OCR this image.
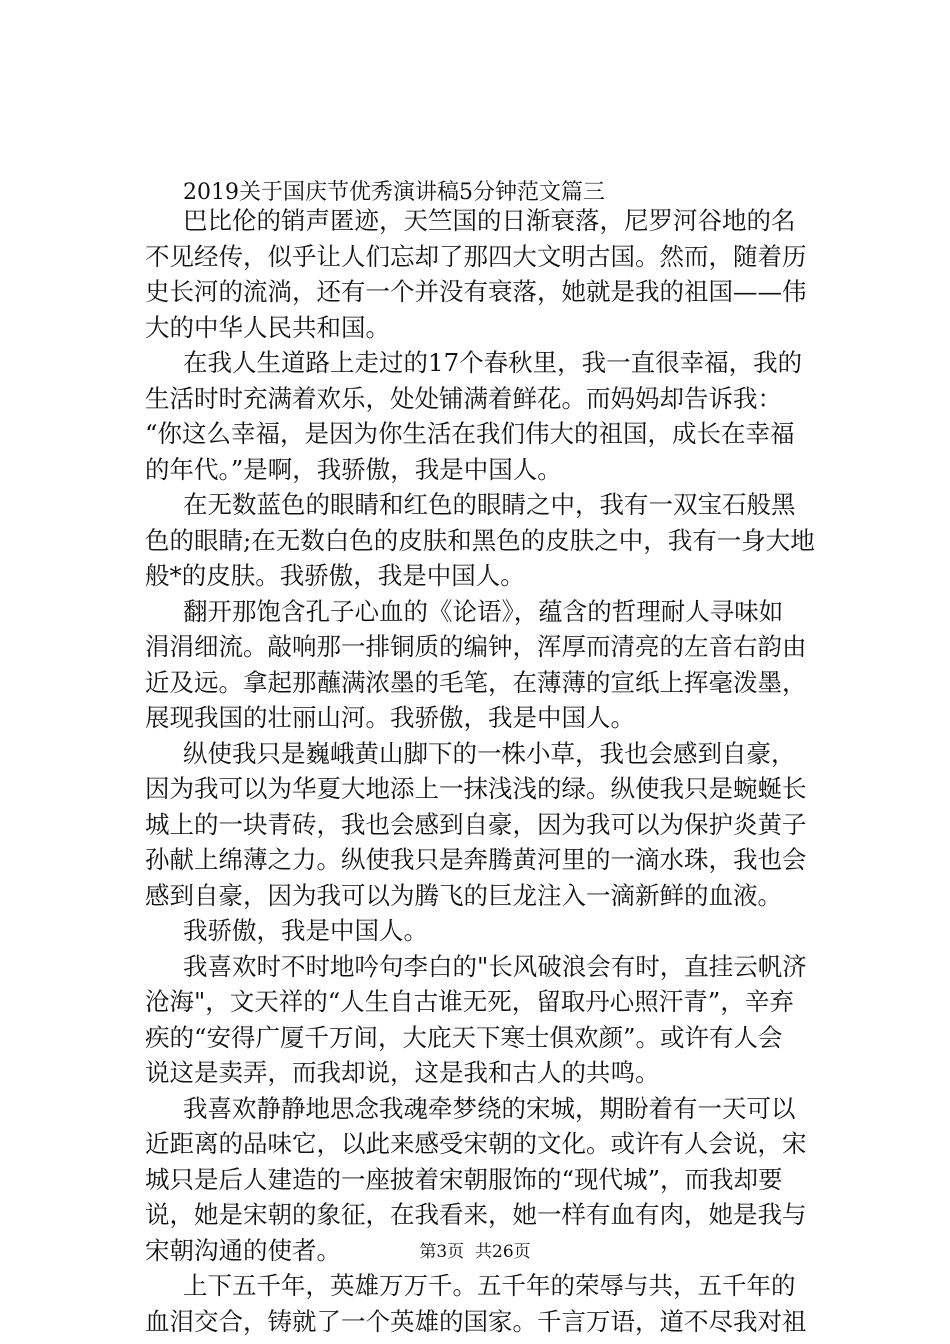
2019关于国庆节优秀演讲稿5分钟范文篇三
巴比伦的销声匿迹，天竺国的日渐衰落，尼罗河谷地的名
不见经传，似乎让人们忘却了那四大文明古国。然而，随着历
史长河的流淌，还有一个并没有衰落，她就是我的祖国——伟
大的中华人民共和国。
在我人生道路上走过的17个春秋里，我一直很幸福，我的
生活时时充满着欢乐，处处铺满着鲜花。而妈妈却告诉我：
“你这么幸福，是因为你生活在我们伟大的祖国，成长在幸福
的年代。”是啊，我骄傲，我是中国人。
在无数蓝色的眼睛和红色的眼睛之中，我有一双宝石般黑
色的眼睛;在无数白色的皮肤和黑色的皮肤之中，我有一身大地
般*的皮肤。我骄傲，我是中国人。
翻开那饱含孔子心血的《论语》，蕴含的哲理耐人寻味如
涓涓细流。敲响那一排铜质的编钟，浑厚而清亮的左音右韵由
近及远。拿起那蘸满浓墨的毛笔，在薄薄的宣纸上挥毫泼墨，
展现我国的壮丽山河。我骄傲，我是中国人。
纵使我只是巍峨黄山脚下的一株小草，我也会感到自豪，
因为我可以为华夏大地添上一抹浅浅的绿。纵使我只是蜿蜒长
城上的一块青砖，我也会感到自豪，因为我可以为保护炎黄子
孙献上绵薄之力。纵使我只是奔腾黄河里的一滴水珠，我也会
感到自豪，因为我可以为腾飞的巨龙注入一滴新鲜的血液。
我骄傲，我是中国人。
我喜欢时不时地吟句李白的"长风破浪会有时，直挂云帆济
沧海"，文天祥的“人生自古谁无死，留取丹心照汗青”，辛弃
疾的“安得广厦千万间，大庇天下寒士俱欢颜”。或许有人会
说这是卖弄，而我却说，这是我和古人的共鸣。
我喜欢静静地思念我魂牵梦绕的宋城，期盼着有一天可以
近距离的品味它，以此来感受宋朝的文化。或许有人会说，宋
城只是后人建造的一座披着宋朝服饰的“现代城”，而我却要
说，她是宋朝的象征，在我看来，她一样有血有肉，她是我与
宋朝沟通的使者。
上下五千年，英雄万万千。五千年的荣辱与共，五千年的
血泪交合，铸就了一个英雄的国家。千言万语，道不尽我对祖
第3页 共26页
